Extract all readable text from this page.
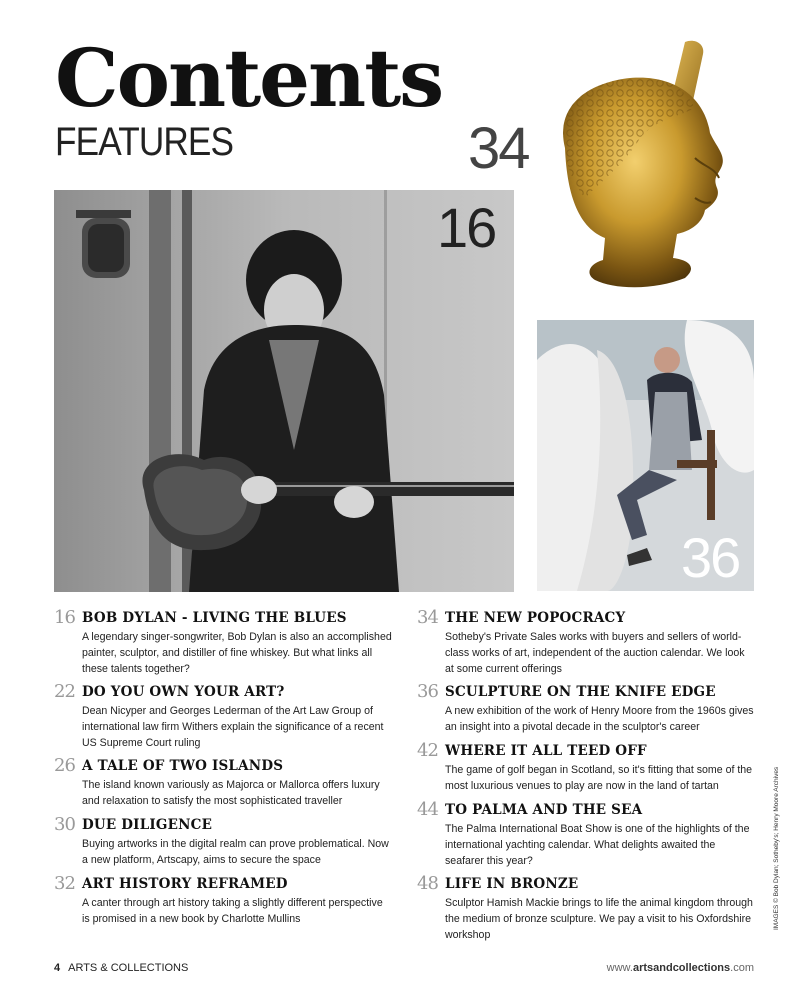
Contents
FEATURES	34
16
36
16 BOB DYLAN - LIVING THE BLUES

A legendary singer-songwriter, Bob Dylan is also an accomplished painter, sculptor, and distiller of fine whiskey. But what links all these talents together?

22 DO YOU OWN YOUR ART?

Dean Nicyper and Georges Lederman of the Art Law Group of international law firm Withers explain the significance of a recent US Supreme Court ruling

26 A TALE OF TWO ISLANDS

The island known variously as Majorca or Mallorca offers luxury and relaxation to satisfy the most sophisticated traveller

30 DUE DILIGENCE

Buying artworks in the digital realm can prove problematical. Now a new platform, Artscapy, aims to secure the space

32 ART HISTORY REFRAMED

A canter through art history taking a slightly different perspective is promised in a new book by Charlotte Mullins

34 THE NEW POPOCRACY

Sotheby's Private Sales works with buyers and sellers of world-class works of art, independent of the auction calendar. We look at some current offerings

36 SCULPTURE ON THE KNIFE EDGE

A new exhibition of the work of Henry Moore from the 1960s gives an insight into a pivotal decade in the sculptor's career

42 WHERE IT ALL TEED OFF

The game of golf began in Scotland, so it's fitting that some of the most luxurious venues to play are now in the land of tartan

44 TO PALMA AND THE SEA

The Palma International Boat Show is one of the highlights of the international yachting calendar. What delights awaited the seafarer this year?

48 LIFE IN BRONZE

Sculptor Hamish Mackie brings to life the animal kingdom through the medium of bronze sculpture. We pay a visit to his Oxfordshire workshop

IMAGES © Bob Dylan; Sotheby's; Henry Moore Archives
4 ARTS & COLLECTIONS	www.artsandcollections.com
